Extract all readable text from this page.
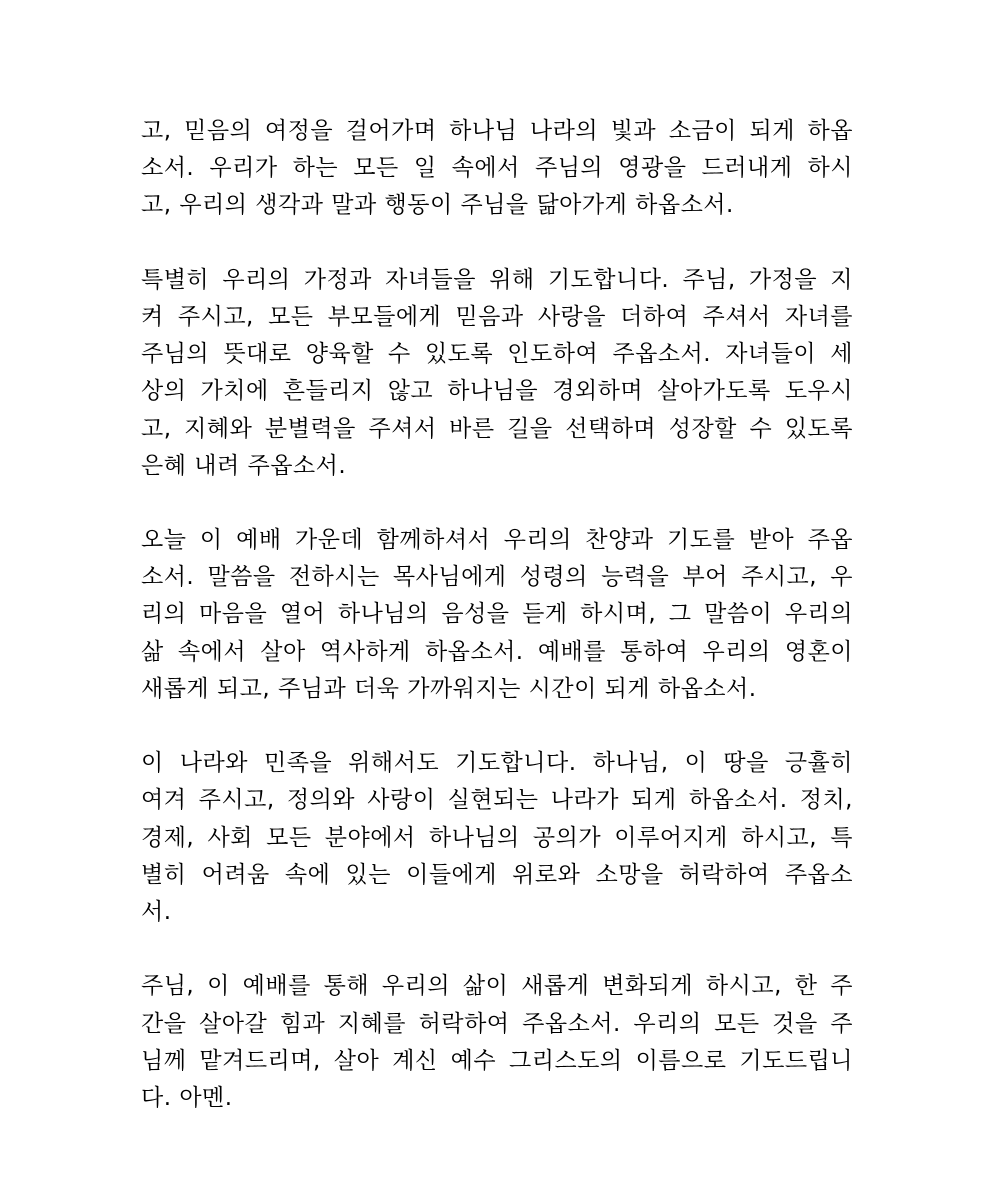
고, 믿음의 여정을 걸어가며 하나님 나라의 빛과 소금이 되게 하옵
소서. 우리가 하는 모든 일 속에서 주님의 영광을 드러내게 하시
고, 우리의 생각과 말과 행동이 주님을 닮아가게 하옵소서.
특별히 우리의 가정과 자녀들을 위해 기도합니다. 주님, 가정을 지
켜 주시고, 모든 부모들에게 믿음과 사랑을 더하여 주셔서 자녀를
주님의 뜻대로 양육할 수 있도록 인도하여 주옵소서. 자녀들이 세
상의 가치에 흔들리지 않고 하나님을 경외하며 살아가도록 도우시
고, 지혜와 분별력을 주셔서 바른 길을 선택하며 성장할 수 있도록
은혜 내려 주옵소서.
오늘 이 예배 가운데 함께하셔서 우리의 찬양과 기도를 받아 주옵
소서. 말씀을 전하시는 목사님에게 성령의 능력을 부어 주시고, 우
리의 마음을 열어 하나님의 음성을 듣게 하시며, 그 말씀이 우리의
삶 속에서 살아 역사하게 하옵소서. 예배를 통하여 우리의 영혼이
새롭게 되고, 주님과 더욱 가까워지는 시간이 되게 하옵소서.
이 나라와 민족을 위해서도 기도합니다. 하나님, 이 땅을 긍휼히
여겨 주시고, 정의와 사랑이 실현되는 나라가 되게 하옵소서. 정치,
경제, 사회 모든 분야에서 하나님의 공의가 이루어지게 하시고, 특
별히 어려움 속에 있는 이들에게 위로와 소망을 허락하여 주옵소
서.
주님, 이 예배를 통해 우리의 삶이 새롭게 변화되게 하시고, 한 주
간을 살아갈 힘과 지혜를 허락하여 주옵소서. 우리의 모든 것을 주
님께 맡겨드리며, 살아 계신 예수 그리스도의 이름으로 기도드립니
다. 아멘.
